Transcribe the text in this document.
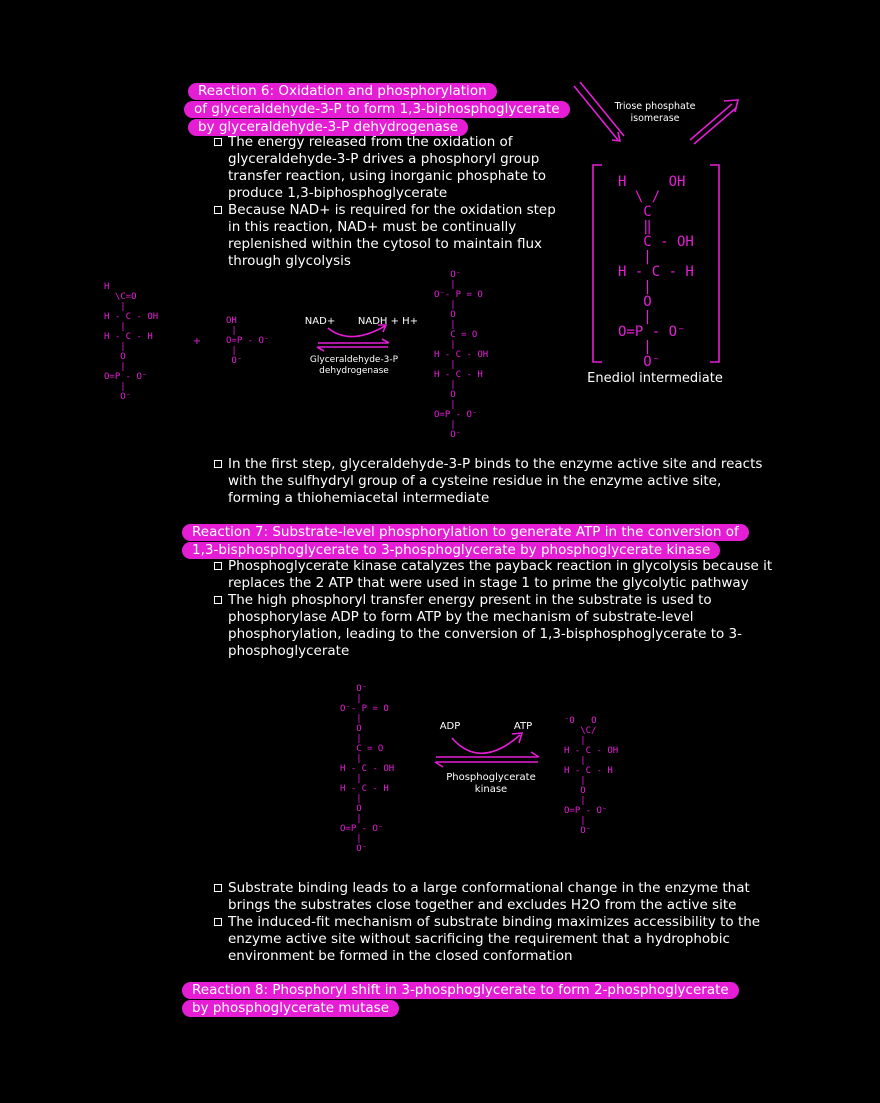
Reaction 6: Oxidation and phosphorylation
of glyceraldehyde-3-P to form 1,3-biphosphoglycerate
by glyceraldehyde-3-P dehydrogenase
The energy released from the oxidation of glyceraldehyde-3-P drives a phosphoryl group transfer reaction, using inorganic phosphate to produce 1,3-biphosphoglycerate
Because NAD+ is required for the oxidation step in this reaction, NAD+ must be continually replenished within the cytosol to maintain flux through glycolysis
Triose phosphate
isomerase
H
\C=O
|
H - C - OH
|
H - C - H
|
O
|
O=P - O⁻
|
O⁻
+
OH
|
O=P - O⁻
|
O⁻
NAD+	NADH + H+
Glyceraldehyde-3-P
dehydrogenase
O⁻
|
O⁻- P = O
|
O
|
C = O
|
H - C - OH
|
H - C - H
|
O
|
O=P - O⁻
|
O⁻
H     OH
\ /
C
‖
C - OH
|
H - C - H
|
O
|
O=P - O⁻
|
O⁻
Enediol intermediate
In the first step, glyceraldehyde-3-P binds to the enzyme active site and reacts with the sulfhydryl group of a cysteine residue in the enzyme active site, forming a thiohemiacetal intermediate
Reaction 7: Substrate-level phosphorylation to generate ATP in the conversion of
1,3-bisphosphoglycerate to 3-phosphoglycerate by phosphoglycerate kinase
Phosphoglycerate kinase catalyzes the payback reaction in glycolysis because it replaces the 2 ATP that were used in stage 1 to prime the glycolytic pathway
The high phosphoryl transfer energy present in the substrate is used to phosphorylase ADP to form ATP by the mechanism of substrate-level phosphorylation, leading to the conversion of 1,3-bisphosphoglycerate to 3-phosphoglycerate
O⁻
|
O⁻- P = O
|
O
|
C = O
|
H - C - OH
|
H - C - H
|
O
|
O=P - O⁻
|
O⁻
ADP	ATP
Phosphoglycerate
kinase
⁻O   O
\C/
|
H - C - OH
|
H - C - H
|
O
|
O=P - O⁻
|
O⁻
Substrate binding leads to a large conformational change in the enzyme that brings the substrates close together and excludes H2O from the active site
The induced-fit mechanism of substrate binding maximizes accessibility to the enzyme active site without sacrificing the requirement that a hydrophobic environment be formed in the closed conformation
Reaction 8: Phosphoryl shift in 3-phosphoglycerate to form 2-phosphoglycerate
by phosphoglycerate mutase
